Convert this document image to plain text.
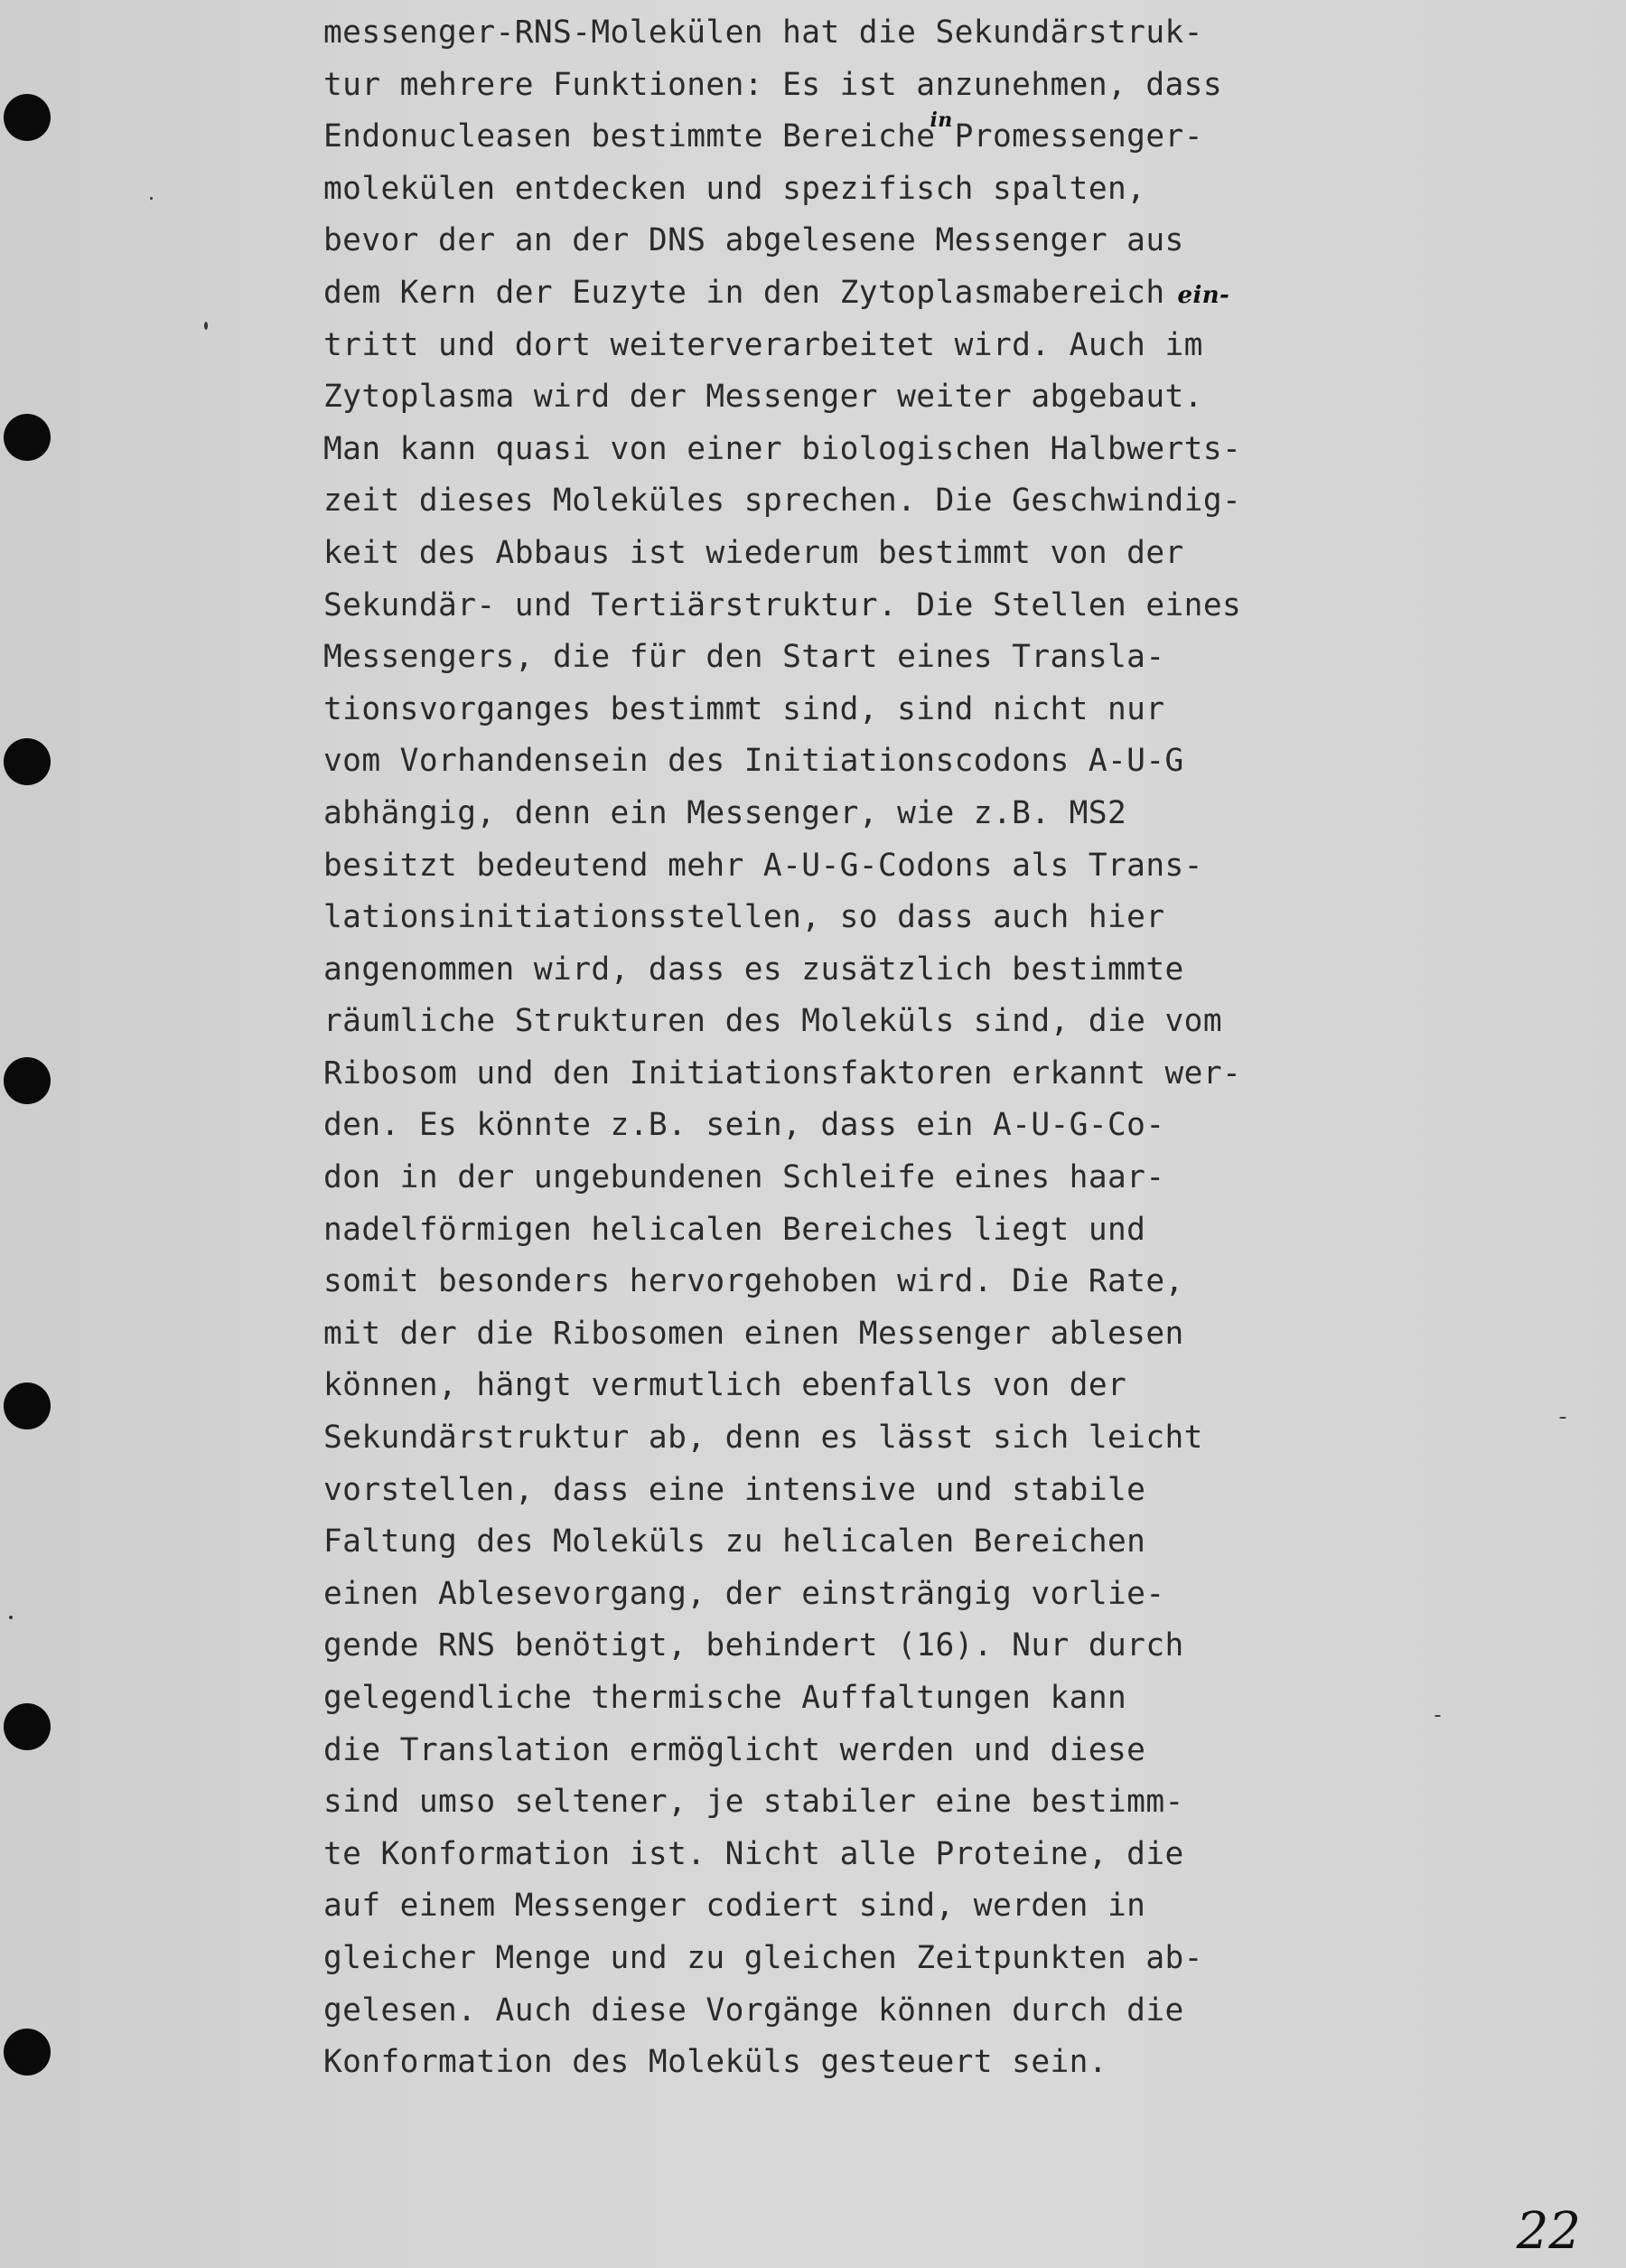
messenger-RNS-Molekülen hat die Sekundärstruk-
tur mehrere Funktionen: Es ist anzunehmen, dass
Endonucleasen bestimmte Bereiche
in Promessenger-
molekülen entdecken und spezifisch spalten,
bevor der an der DNS abgelesene Messenger aus
dem Kern der Euzyte in den Zytoplasmabereich ein-
tritt und dort weiterverarbeitet wird. Auch im
Zytoplasma wird der Messenger weiter abgebaut.
Man kann quasi von einer biologischen Halbwerts-
zeit dieses Moleküles sprechen. Die Geschwindig-
keit des Abbaus ist wiederum bestimmt von der
Sekundär- und Tertiärstruktur. Die Stellen eines
Messengers, die für den Start eines Transla-
tionsvorganges bestimmt sind, sind nicht nur
vom Vorhandensein des Initiationscodons A-U-G
abhängig, denn ein Messenger, wie z.B. MS2
besitzt bedeutend mehr A-U-G-Codons als Trans-
lationsinitiationsstellen, so dass auch hier
angenommen wird, dass es zusätzlich bestimmte
räumliche Strukturen des Moleküls sind, die vom
Ribosom und den Initiationsfaktoren erkannt wer-
den. Es könnte z.B. sein, dass ein A-U-G-Co-
don in der ungebundenen Schleife eines haar-
nadelförmigen helicalen Bereiches liegt und
somit besonders hervorgehoben wird. Die Rate,
mit der die Ribosomen einen Messenger ablesen
können, hängt vermutlich ebenfalls von der
Sekundärstruktur ab, denn es lässt sich leicht
vorstellen, dass eine intensive und stabile
Faltung des Moleküls zu helicalen Bereichen
einen Ablesevorgang, der einsträngig vorlie-
gende RNS benötigt, behindert (16). Nur durch
gelegendliche thermische Auffaltungen kann
die Translation ermöglicht werden und diese
sind umso seltener, je stabiler eine bestimm-
te Konformation ist. Nicht alle Proteine, die
auf einem Messenger codiert sind, werden in
gleicher Menge und zu gleichen Zeitpunkten ab-
gelesen. Auch diese Vorgänge können durch die
Konformation des Moleküls gesteuert sein.
22
